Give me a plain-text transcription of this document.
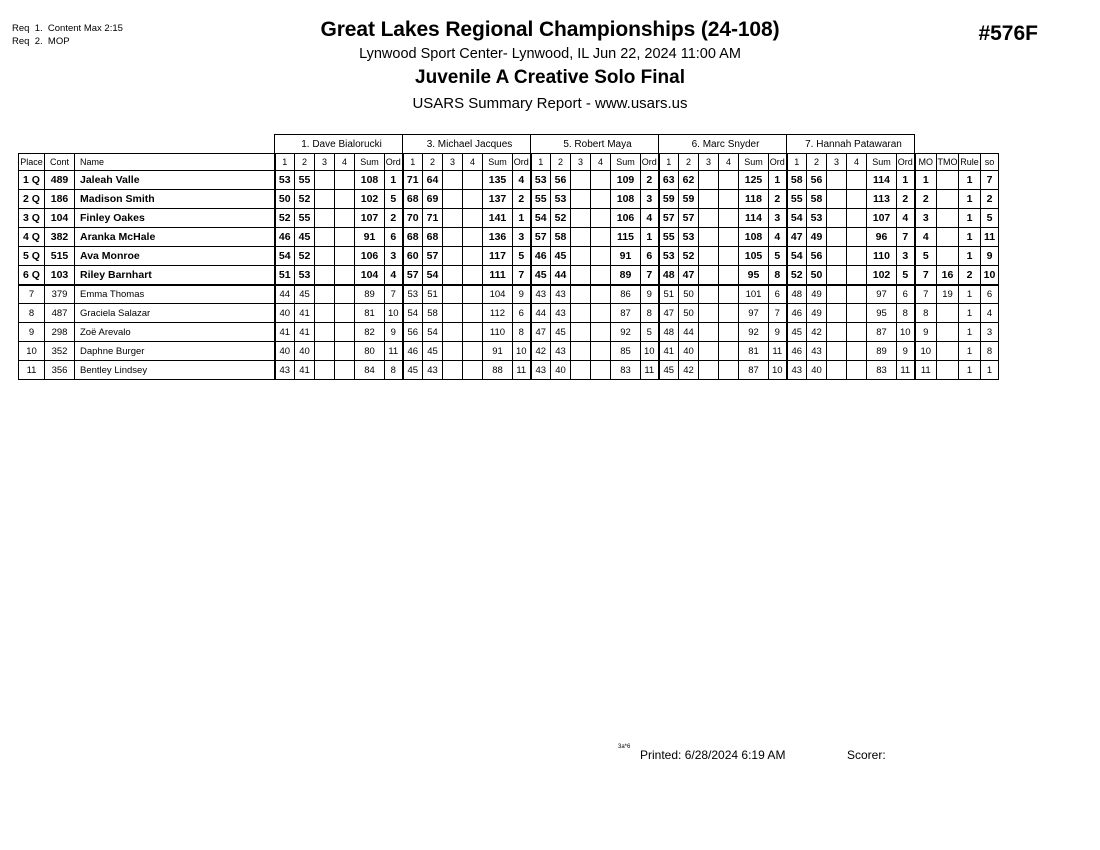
Req  1.  Content Max 2:15
Req  2.  MOP	#576F
Great Lakes Regional Championships (24-108)
Lynwood Sport Center- Lynwood, IL Jun 22, 2024 11:00 AM
Juvenile A Creative Solo Final
USARS Summary Report - www.usars.us
			1. Dave Bialorucki						3. Michael Jacques						5. Robert Maya						6. Marc Snyder						7. Hannah Patawaran									
Place	Cont	Name	1	2	3	4	Sum	Ord	1	2	3	4	Sum	Ord	1	2	3	4	Sum	Ord	1	2	3	4	Sum	Ord	1	2	3	4	Sum	Ord	MO	TMO	Rule	so
1 Q	489	Jaleah Valle	53	55			108	1	71	64			135	4	53	56			109	2	63	62			125	1	58	56			114	1	1		1	7
2 Q	186	Madison Smith	50	52			102	5	68	69			137	2	55	53			108	3	59	59			118	2	55	58			113	2	2		1	2
3 Q	104	Finley Oakes	52	55			107	2	70	71			141	1	54	52			106	4	57	57			114	3	54	53			107	4	3		1	5
4 Q	382	Aranka McHale	46	45			91	6	68	68			136	3	57	58			115	1	55	53			108	4	47	49			96	7	4		1	11
5 Q	515	Ava Monroe	54	52			106	3	60	57			117	5	46	45			91	6	53	52			105	5	54	56			110	3	5		1	9
6 Q	103	Riley Barnhart	51	53			104	4	57	54			111	7	45	44			89	7	48	47			95	8	52	50			102	5	7	16	2	10
7	379	Emma Thomas	44	45			89	7	53	51			104	9	43	43			86	9	51	50			101	6	48	49			97	6	7	19	1	6
8	487	Graciela Salazar	40	41			81	10	54	58			112	6	44	43			87	8	47	50			97	7	46	49			95	8	8		1	4
9	298	Zoë Arevalo	41	41			82	9	56	54			110	8	47	45			92	5	48	44			92	9	45	42			87	10	9		1	3
10	352	Daphne Burger	40	40			80	11	46	45			91	10	42	43			85	10	41	40			81	11	46	43			89	9	10		1	8
11	356	Bentley Lindsey	43	41			84	8	45	43			88	11	43	40			83	11	45	42			87	10	43	40			83	11	11		1	1
3a*6
Printed: 6/28/2024 6:19 AM	Scorer:
